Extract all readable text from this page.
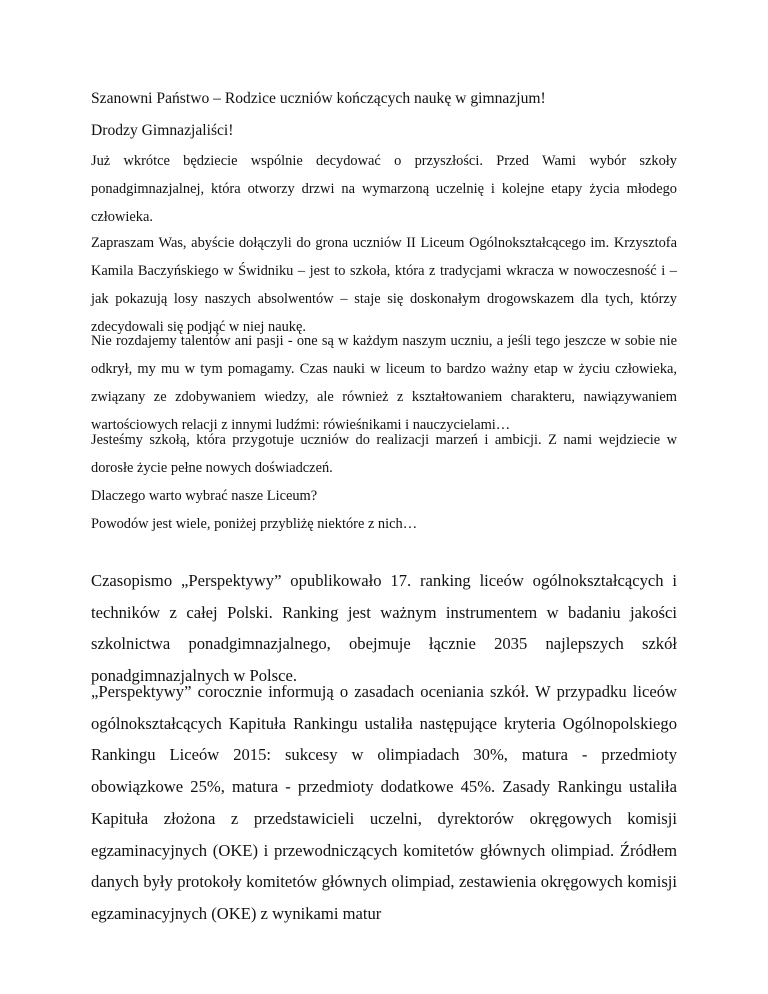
Szanowni Państwo – Rodzice uczniów kończących naukę w gimnazjum!
Drodzy Gimnazjaliści!

Już wkrótce będziecie wspólnie decydować o przyszłości. Przed Wami wybór szkoły ponadgimnazjalnej, która otworzy drzwi na wymarzoną uczelnię i kolejne etapy życia młodego człowieka.

Zapraszam Was, abyście dołączyli do grona uczniów II Liceum Ogólnokształcącego im. Krzysztofa Kamila Baczyńskiego w Świdniku – jest to szkoła, która z tradycjami wkracza w nowoczesność i – jak pokazują losy naszych absolwentów – staje się doskonałym drogowskazem dla tych, którzy zdecydowali się podjąć w niej naukę.

Nie rozdajemy talentów ani pasji - one są w każdym naszym uczniu, a jeśli tego jeszcze w sobie nie odkrył, my mu w tym pomagamy. Czas nauki w liceum to bardzo ważny etap w życiu człowieka, związany ze zdobywaniem wiedzy, ale również z kształtowaniem charakteru, nawiązywaniem wartościowych relacji z innymi ludźmi: rówieśnikami i nauczycielami…

Jesteśmy szkołą, która przygotuje uczniów do realizacji marzeń i ambicji. Z nami wejdziecie w dorosłe życie pełne nowych doświadczeń.

Dlaczego warto wybrać nasze Liceum?

Powodów jest wiele, poniżej przybliżę niektóre z nich…

Czasopismo „Perspektywy” opublikowało 17. ranking liceów ogólnokształcących i techników z całej Polski. Ranking jest ważnym instrumentem w badaniu jakości szkolnictwa ponadgimnazjalnego, obejmuje łącznie 2035 najlepszych szkół ponadgimnazjalnych w Polsce.

„Perspektywy” corocznie informują o zasadach oceniania szkół. W przypadku liceów ogólnokształcących Kapituła Rankingu ustaliła następujące kryteria Ogólnopolskiego Rankingu Liceów 2015: sukcesy w olimpiadach 30%, matura - przedmioty obowiązkowe 25%, matura - przedmioty dodatkowe 45%. Zasady Rankingu ustaliła Kapituła złożona z przedstawicieli uczelni, dyrektorów okręgowych komisji egzaminacyjnych (OKE) i przewodniczących komitetów głównych olimpiad. Źródłem danych były protokoły komitetów głównych olimpiad, zestawienia okręgowych komisji egzaminacyjnych (OKE) z wynikami matur
